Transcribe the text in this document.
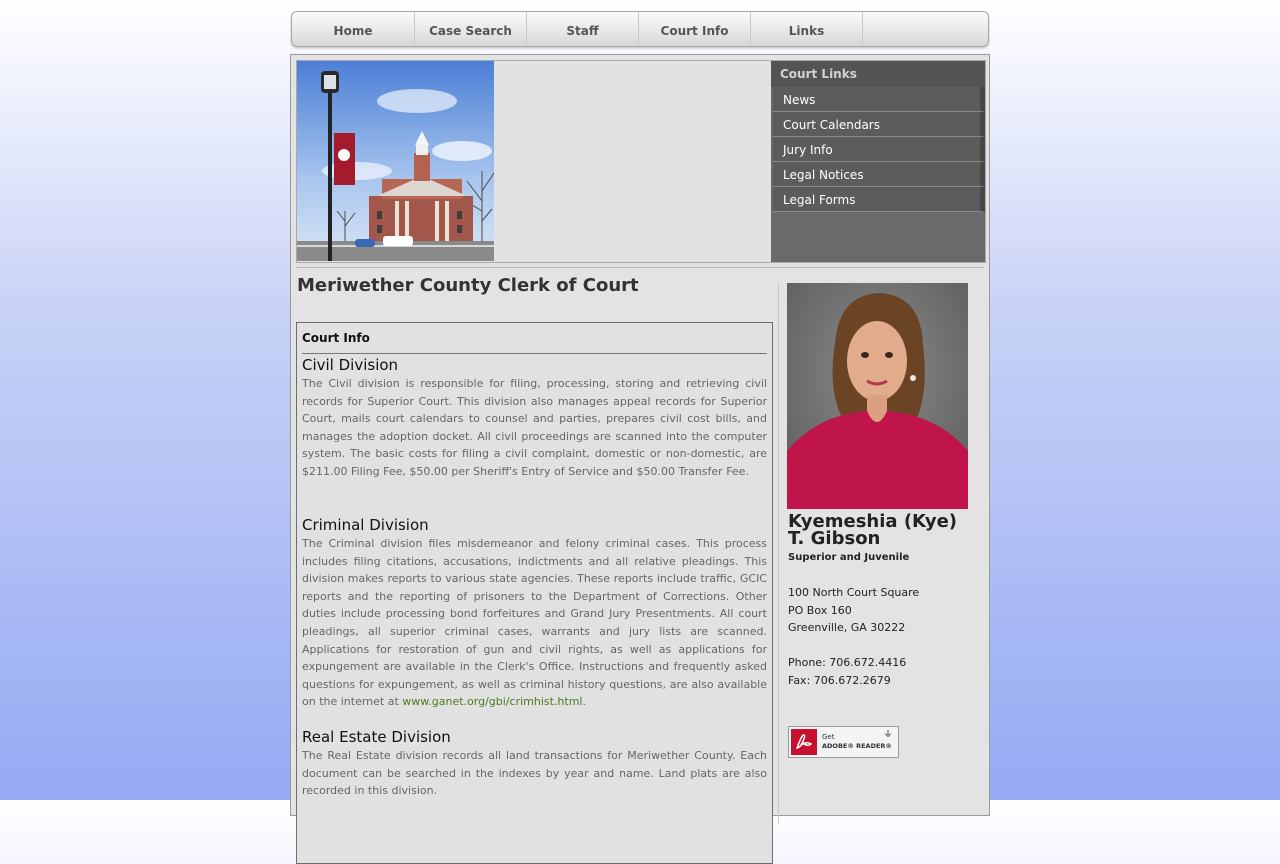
Home	Case Search	Staff	Court Info	Links
Court Links
News
Court Calendars
Jury Info
Legal Notices
Legal Forms
Meriwether County Clerk of Court
Court Info
Civil Division

The Civil division is responsible for filing, processing, storing and retrieving civil records for Superior Court. This division also manages appeal records for Superior Court, mails court calendars to counsel and parties, prepares civil cost bills, and manages the adoption docket. All civil proceedings are scanned into the computer system. The basic costs for filing a civil complaint, domestic or non-domestic, are $211.00 Filing Fee, $50.00 per Sheriff's Entry of Service and $50.00 Transfer Fee.

Criminal Division

The Criminal division files misdemeanor and felony criminal cases. This process includes filing citations, accusations, indictments and all relative pleadings. This division makes reports to various state agencies. These reports include traffic, GCIC reports and the reporting of prisoners to the Department of Corrections. Other duties include processing bond forfeitures and Grand Jury Presentments. All court pleadings, all superior criminal cases, warrants and jury lists are scanned. Applications for restoration of gun and civil rights, as well as applications for expungement are available in the Clerk's Office. Instructions and frequently asked questions for expungement, as well as criminal history questions, are also available on the internet at www.ganet.org/gbi/crimhist.html.

Real Estate Division

The Real Estate division records all land transactions for Meriwether County. Each document can be searched in the indexes by year and name. Land plats are also recorded in this division.

Kyemeshia (Kye) T. Gibson
Superior and Juvenile
100 North Court Square
PO Box 160
Greenville, GA 30222
Phone: 706.672.4416
Fax: 706.672.2679
Get
ADOBE® READER®
